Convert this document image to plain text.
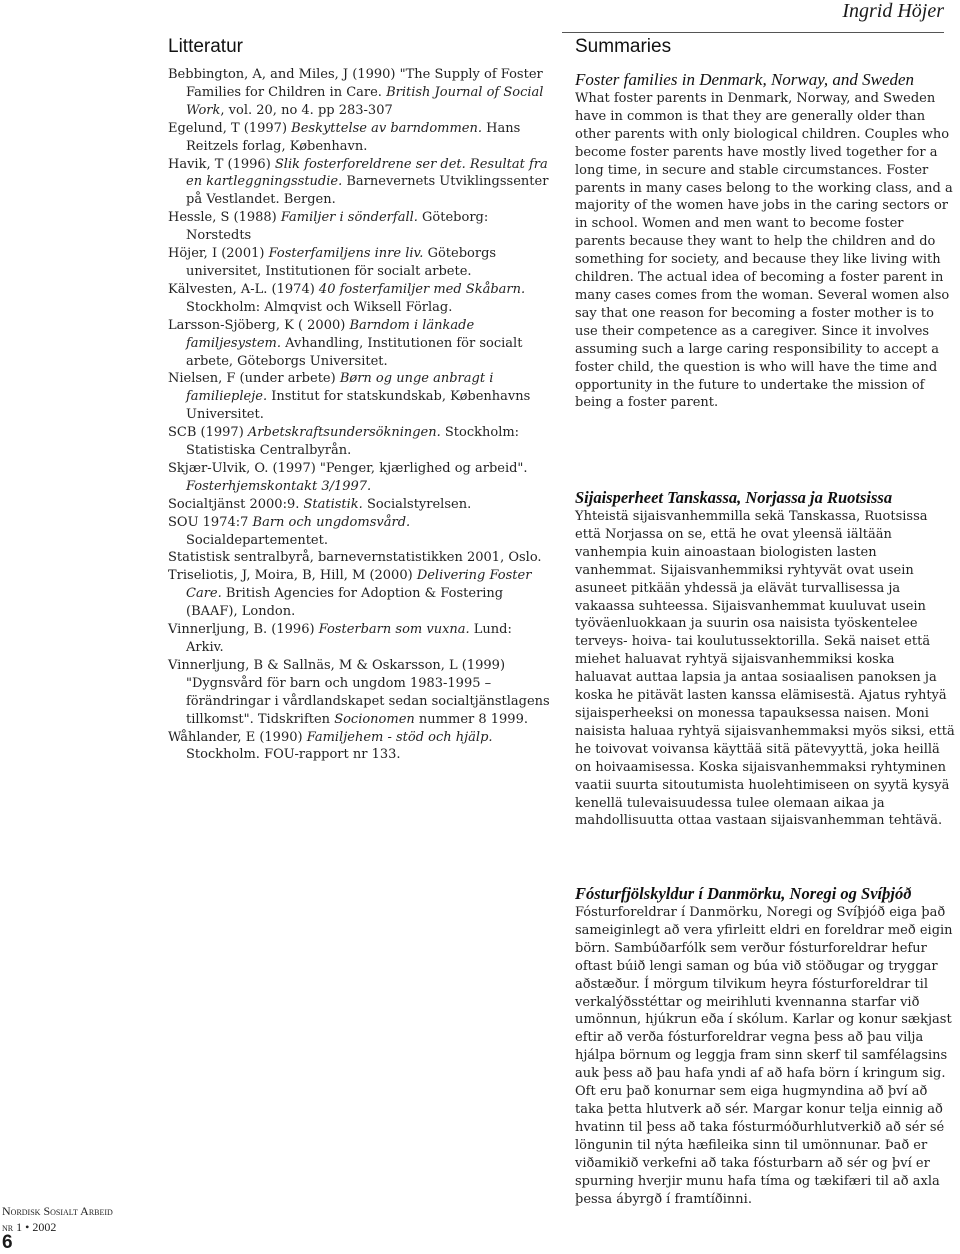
Ingrid Höjer
Litteratur

Bebbington, A, and Miles, J (1990) "The Supply of Foster Families for Children in Care. British Journal of Social Work, vol. 20, no 4. pp 283-307

Egelund, T (1997) Beskyttelse av barndommen. Hans Reitzels forlag, København.

Havik, T (1996) Slik fosterforeldrene ser det. Resultat fra en kartleggningsstudie. Barnevernets Utviklingssenter på Vestlandet. Bergen.

Hessle, S (1988) Familjer i sönderfall. Göteborg: Norstedts

Höjer, I (2001) Fosterfamiljens inre liv. Göteborgs universitet, Institutionen för socialt arbete.

Kälvesten, A-L. (1974) 40 fosterfamiljer med Skåbarn. Stockholm: Almqvist och Wiksell Förlag.

Larsson-Sjöberg, K ( 2000) Barndom i länkade familjesystem. Avhandling, Institutionen för socialt arbete, Göteborgs Universitet.

Nielsen, F (under arbete) Børn og unge anbragt i familiepleje. Institut for statskundskab, Københavns Universitet.

SCB (1997) Arbetskraftsundersökningen. Stockholm: Statistiska Centralbyrån.

Skjær-Ulvik, O. (1997) "Penger, kjærlighed og arbeid". Fosterhjemskontakt 3/1997.

Socialtjänst 2000:9. Statistik. Socialstyrelsen.

SOU 1974:7 Barn och ungdomsvård. Socialdepartementet.

Statistisk sentralbyrå, barnevernstatistikken 2001, Oslo.

Triseliotis, J, Moira, B, Hill, M (2000) Delivering Foster Care. British Agencies for Adoption & Fostering (BAAF), London.

Vinnerljung, B. (1996) Fosterbarn som vuxna. Lund: Arkiv.

Vinnerljung, B & Sallnäs, M & Oskarsson, L (1999) "Dygnsvård för barn och ungdom 1983-1995 – förändringar i vårdlandskapet sedan socialtjänstlagens tillkomst". Tidskriften Socionomen nummer 8 1999.

Wåhlander, E (1990) Familjehem - stöd och hjälp. Stockholm. FOU-rapport nr 133.

Summaries

Foster families in Denmark, Norway, and Sweden

What foster parents in Denmark, Norway, and Sweden have in common is that they are generally older than other parents with only biological children. Couples who become foster parents have mostly lived together for a long time, in secure and stable circumstances. Foster parents in many cases belong to the working class, and a majority of the women have jobs in the caring sectors or in school. Women and men want to become foster parents because they want to help the children and do something for society, and because they like living with children. The actual idea of becoming a foster parent in many cases comes from the woman. Several women also say that one reason for becoming a foster mother is to use their competence as a caregiver. Since it involves assuming such a large caring responsibility to accept a foster child, the question is who will have the time and opportunity in the future to undertake the mission of being a foster parent.

Sijaisperheet Tanskassa, Norjassa ja Ruotsissa

Yhteistä sijaisvanhemmilla sekä Tanskassa, Ruotsissa että Norjassa on se, että he ovat yleensä iältään vanhempia kuin ainoastaan biologisten lasten vanhemmat. Sijaisvanhemmiksi ryhtyvät ovat usein asuneet pitkään yhdessä ja elävät turvallisessa ja vakaassa suhteessa. Sijaisvanhemmat kuuluvat usein työväenluokkaan ja suurin osa naisista työskentelee terveys- hoiva- tai koulutussektorilla. Sekä naiset että miehet haluavat ryhtyä sijaisvanhemmiksi koska haluavat auttaa lapsia ja antaa sosiaalisen panoksen ja koska he pitävät lasten kanssa elämisestä. Ajatus ryhtyä sijaisperheeksi on monessa tapauksessa naisen. Moni naisista haluaa ryhtyä sijaisvanhemmaksi myös siksi, että he toivovat voivansa käyttää sitä pätevyyttä, joka heillä on hoivaamisessa. Koska sijaisvanhemmaksi ryhtyminen vaatii suurta sitoutumista huolehtimiseen on syytä kysyä kenellä tulevaisuudessa tulee olemaan aikaa ja mahdollisuutta ottaa vastaan sijaisvanhemman tehtävä.

Fósturfjölskyldur í Danmörku, Noregi og Svíþjóð

Fósturforeldrar í Danmörku, Noregi og Svíþjóð eiga það sameiginlegt að vera yfirleitt eldri en foreldrar með eigin börn. Sambúðarfólk sem verður fósturforeldrar hefur oftast búið lengi saman og búa við stöðugar og tryggar aðstæður. Í mörgum tilvikum heyra fósturforeldrar til verkalýðsstéttar og meirihluti kvennanna starfar við umönnun, hjúkrun eða í skólum. Karlar og konur sækjast eftir að verða fósturforeldrar vegna þess að þau vilja hjálpa börnum og leggja fram sinn skerf til samfélagsins auk þess að þau hafa yndi af að hafa börn í kringum sig. Oft eru það konurnar sem eiga hugmyndina að því að taka þetta hlutverk að sér. Margar konur telja einnig að hvatinn til þess að taka fósturmóðurhlutverkið að sér sé löngunin til nýta hæfileika sinn til umönnunar. Það er viðamikið verkefni að taka fósturbarn að sér og því er spurning hverjir munu hafa tíma og tækifæri til að axla þessa ábyrgð í framtíðinni.

Nordisk Sosialt Arbeid
nr 1 • 2002
6
